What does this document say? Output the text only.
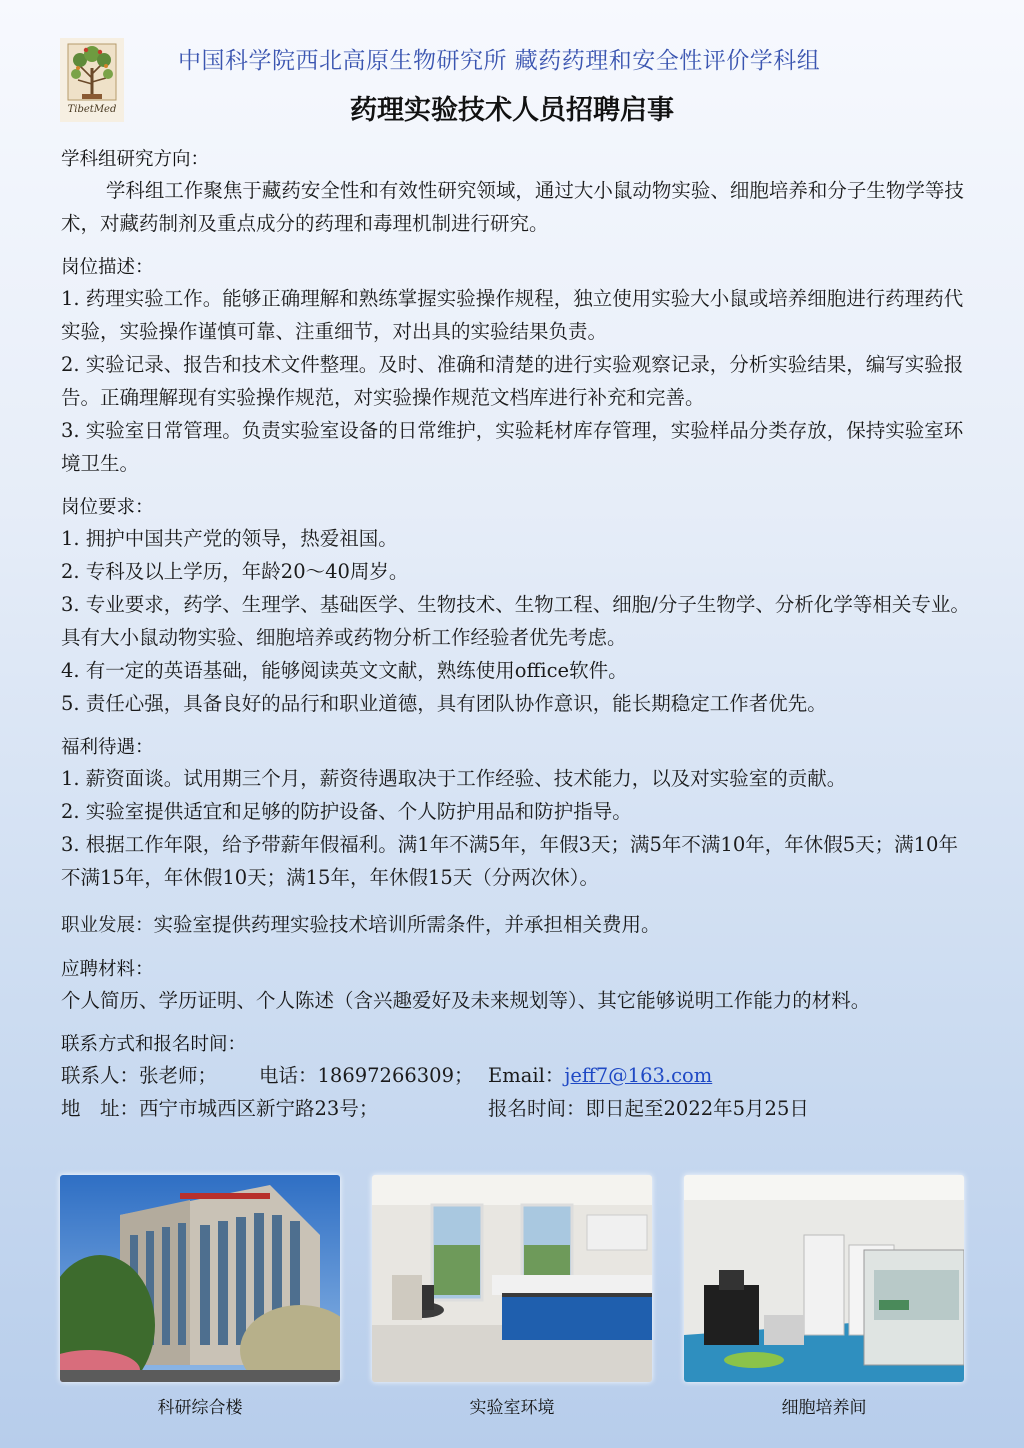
TibetMed
中国科学院西北高原生物研究所 藏药药理和安全性评价学科组
药理实验技术人员招聘启事

学科组研究方向：

学科组工作聚焦于藏药安全性和有效性研究领域，通过大小鼠动物实验、细胞培养和分子生物学等技术，对藏药制剂及重点成分的药理和毒理机制进行研究。

岗位描述：

1. 药理实验工作。能够正确理解和熟练掌握实验操作规程，独立使用实验大小鼠或培养细胞进行药理药代实验，实验操作谨慎可靠、注重细节，对出具的实验结果负责。

2. 实验记录、报告和技术文件整理。及时、准确和清楚的进行实验观察记录，分析实验结果，编写实验报告。正确理解现有实验操作规范，对实验操作规范文档库进行补充和完善。

3. 实验室日常管理。负责实验室设备的日常维护，实验耗材库存管理，实验样品分类存放，保持实验室环境卫生。

岗位要求：

1. 拥护中国共产党的领导，热爱祖国。

2. 专科及以上学历，年龄20～40周岁。

3. 专业要求，药学、生理学、基础医学、生物技术、生物工程、细胞/分子生物学、分析化学等相关专业。具有大小鼠动物实验、细胞培养或药物分析工作经验者优先考虑。

4. 有一定的英语基础，能够阅读英文文献，熟练使用office软件。

5. 责任心强，具备良好的品行和职业道德，具有团队协作意识，能长期稳定工作者优先。

福利待遇：

1. 薪资面谈。试用期三个月，薪资待遇取决于工作经验、技术能力，以及对实验室的贡献。

2. 实验室提供适宜和足够的防护设备、个人防护用品和防护指导。

3. 根据工作年限，给予带薪年假福利。满1年不满5年，年假3天；满5年不满10年，年休假5天；满10年不满15年，年休假10天；满15年，年休假15天（分两次休）。

职业发展：实验室提供药理实验技术培训所需条件，并承担相关费用。

应聘材料：

个人简历、学历证明、个人陈述（含兴趣爱好及未来规划等）、其它能够说明工作能力的材料。

联系方式和报名时间：

联系人：张老师； 电话：18697266309； Email：jeff7@163.com
地　址：西宁市城西区新宁路23号；	报名时间：即日起至2022年5月25日
科研综合楼	实验室环境	细胞培养间
